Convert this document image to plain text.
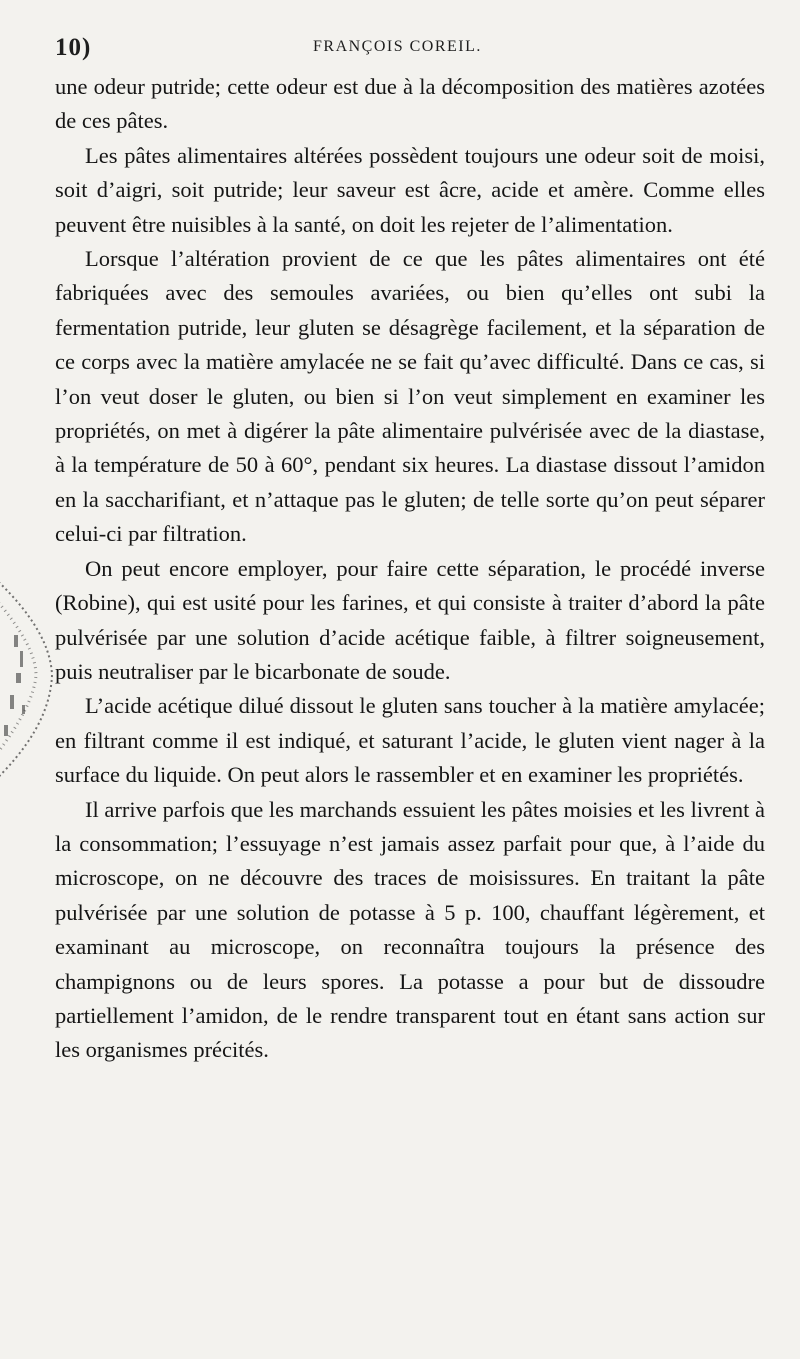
10)	FRANÇOIS COREIL.

une odeur putride; cette odeur est due à la décomposition des matières azotées de ces pâtes.

Les pâtes alimentaires altérées possèdent toujours une odeur soit de moisi, soit d’aigri, soit putride; leur saveur est âcre, acide et amère. Comme elles peuvent être nuisibles à la santé, on doit les rejeter de l’alimentation.

Lorsque l’altération provient de ce que les pâtes alimentaires ont été fabriquées avec des semoules avariées, ou bien qu’elles ont subi la fermentation putride, leur gluten se désagrège facilement, et la séparation de ce corps avec la matière amylacée ne se fait qu’avec difficulté. Dans ce cas, si l’on veut doser le gluten, ou bien si l’on veut simplement en examiner les propriétés, on met à digérer la pâte alimentaire pulvérisée avec de la diastase, à la température de 50 à 60°, pendant six heures. La diastase dissout l’amidon en la saccharifiant, et n’attaque pas le gluten; de telle sorte qu’on peut séparer celui-ci par filtration.

On peut encore employer, pour faire cette séparation, le procédé inverse (Robine), qui est usité pour les farines, et qui consiste à traiter d’abord la pâte pulvérisée par une solution d’acide acétique faible, à filtrer soigneusement, puis neutraliser par le bicarbonate de soude.

L’acide acétique dilué dissout le gluten sans toucher à la matière amylacée; en filtrant comme il est indiqué, et saturant l’acide, le gluten vient nager à la surface du liquide. On peut alors le rassembler et en examiner les propriétés.

Il arrive parfois que les marchands essuient les pâtes moisies et les livrent à la consommation; l’essuyage n’est jamais assez parfait pour que, à l’aide du microscope, on ne découvre des traces de moisissures. En traitant la pâte pulvérisée par une solution de potasse à 5 p. 100, chauffant légèrement, et examinant au microscope, on reconnaîtra toujours la présence des champignons ou de leurs spores. La potasse a pour but de dissoudre partiellement l’amidon, de le rendre transparent tout en étant sans action sur les organismes précités.
